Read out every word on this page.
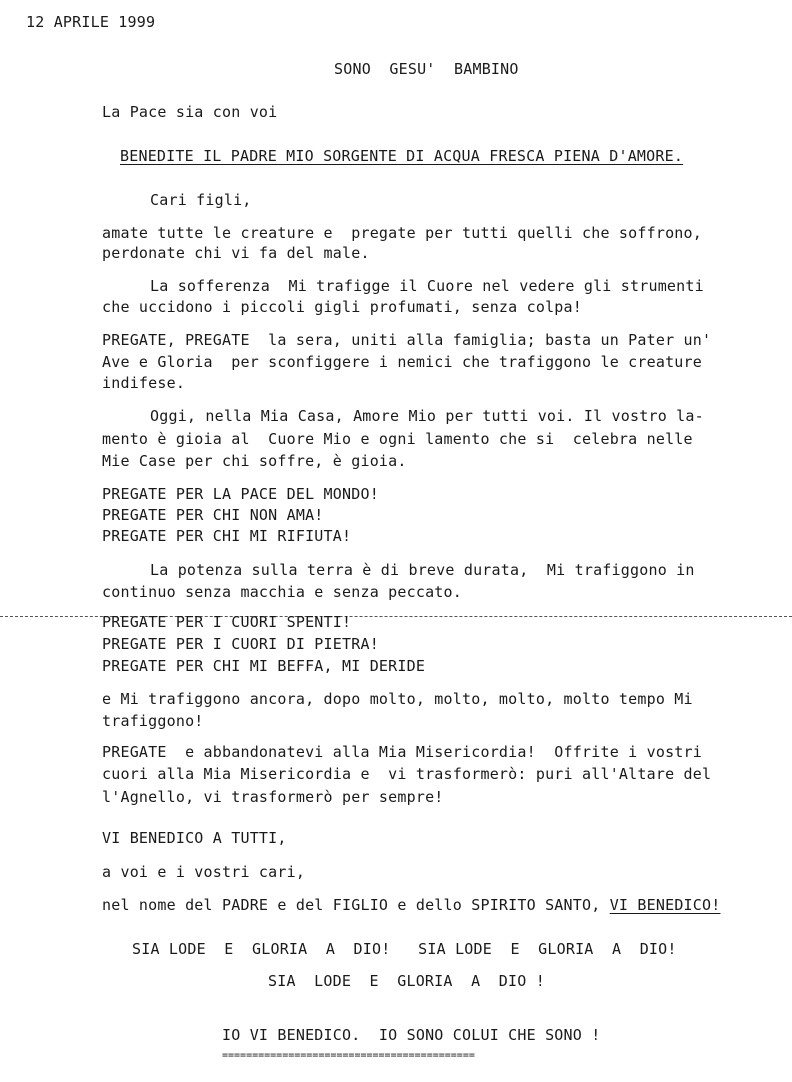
12 APRILE 1999
SONO  GESU'  BAMBINO
La Pace sia con voi
BENEDITE IL PADRE MIO SORGENTE DI ACQUA FRESCA PIENA D'AMORE.
Cari figli,
amate tutte le creature e  pregate per tutti quelli che soffrono,
perdonate chi vi fa del male.
La sofferenza  Mi trafigge il Cuore nel vedere gli strumenti
che uccidono i piccoli gigli profumati, senza colpa!
PREGATE, PREGATE  la sera, uniti alla famiglia; basta un Pater un'
Ave e Gloria  per sconfiggere i nemici che trafiggono le creature
indifese.
Oggi, nella Mia Casa, Amore Mio per tutti voi. Il vostro la-
mento è gioia al  Cuore Mio e ogni lamento che si  celebra nelle
Mie Case per chi soffre, è gioia.
PREGATE PER LA PACE DEL MONDO!
PREGATE PER CHI NON AMA!
PREGATE PER CHI MI RIFIUTA!
La potenza sulla terra è di breve durata,  Mi trafiggono in
continuo senza macchia e senza peccato.
PREGATE PER I CUORI SPENTI!
PREGATE PER I CUORI DI PIETRA!
PREGATE PER CHI MI BEFFA, MI DERIDE
e Mi trafiggono ancora, dopo molto, molto, molto, molto tempo Mi
trafiggono!
PREGATE  e abbandonatevi alla Mia Misericordia!  Offrite i vostri
cuori alla Mia Misericordia e  vi trasformerò: puri all'Altare del
l'Agnello, vi trasformerò per sempre!
VI BENEDICO A TUTTI,
a voi e i vostri cari,
nel nome del PADRE e del FIGLIO e dello SPIRITO SANTO, VI BENEDICO!
SIA LODE  E  GLORIA  A  DIO!   SIA LODE  E  GLORIA  A  DIO!
SIA  LODE  E  GLORIA  A  DIO !
IO VI BENEDICO.  IO SONO COLUI CHE SONO !
==========================================
